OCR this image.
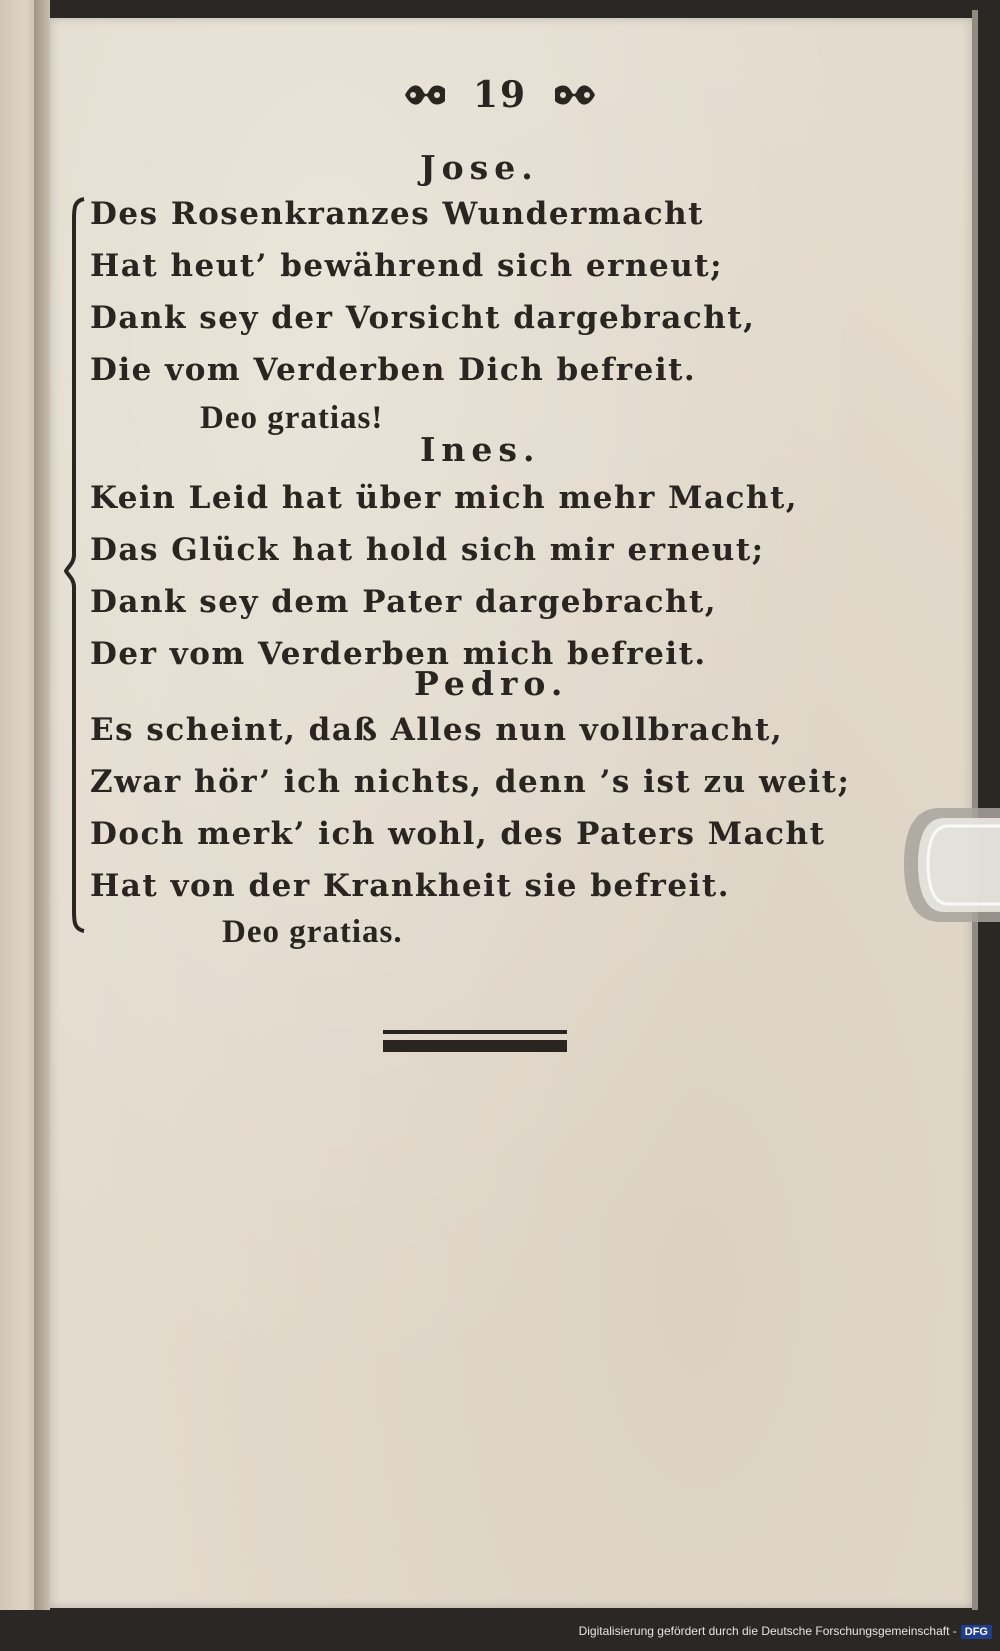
19
Jose.
Des Rosenkranzes Wundermacht
Hat heut’ bewährend sich erneut;
Dank sey der Vorsicht dargebracht,
Die vom Verderben Dich befreit.
Deo gratias!
Ines.
Kein Leid hat über mich mehr Macht,
Das Glück hat hold sich mir erneut;
Dank sey dem Pater dargebracht,
Der vom Verderben mich befreit.
Pedro.
Es scheint, daß Alles nun vollbracht,
Zwar hör’ ich nichts, denn ’s ist zu weit;
Doch merk’ ich wohl, des Paters Macht
Hat von der Krankheit sie befreit.
Deo gratias.
Digitalisierung gefördert durch die Deutsche Forschungsgemeinschaft - DFG
